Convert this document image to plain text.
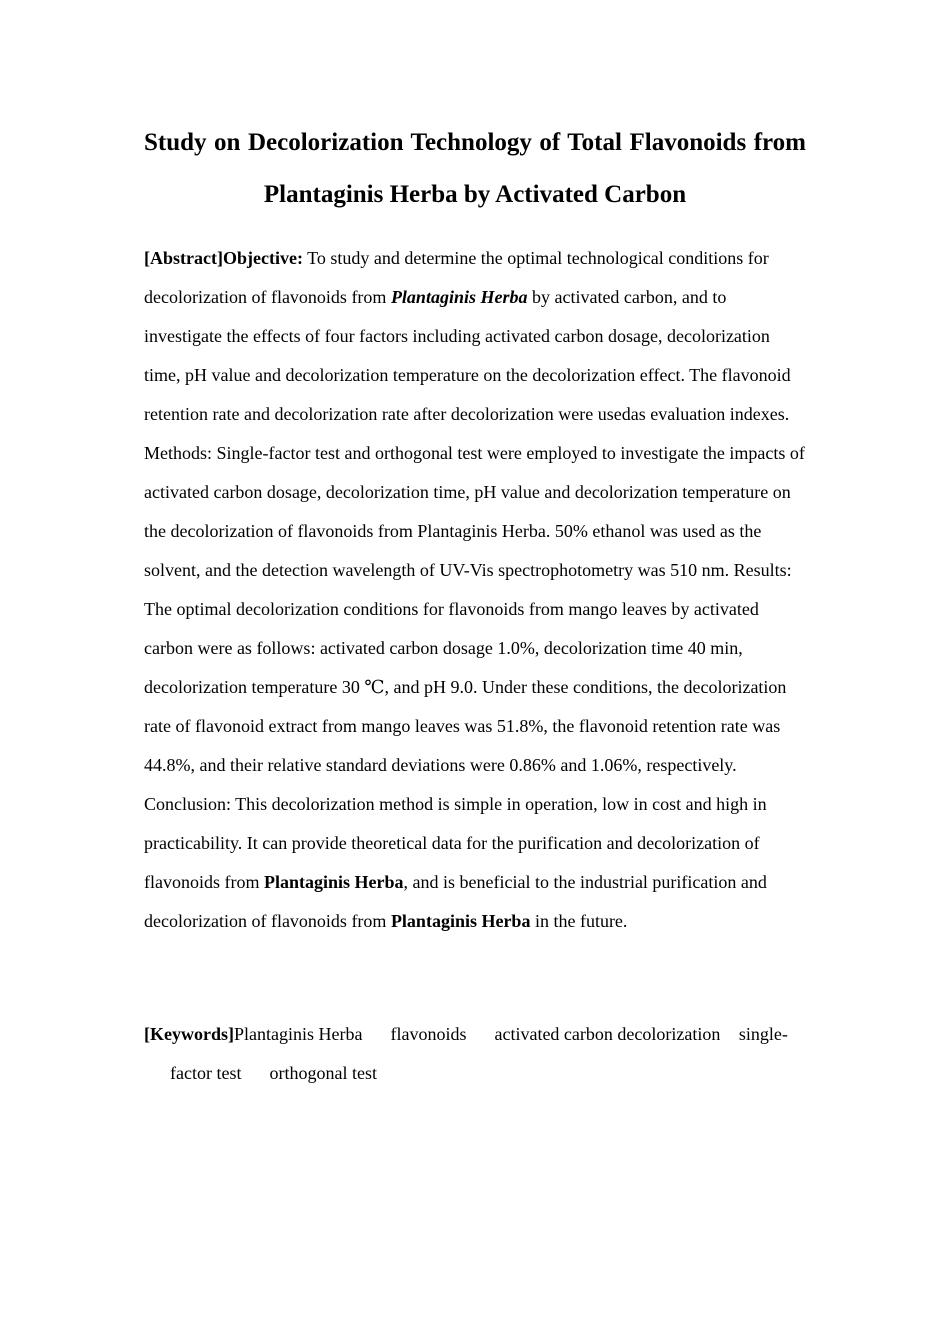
Study on Decolorization Technology of Total Flavonoids from
Plantaginis Herba by Activated Carbon

[Abstract]Objective: To study and determine the optimal technological conditions for decolorization of flavonoids from Plantaginis Herba by activated carbon, and to investigate the effects of four factors including activated carbon dosage, decolorization time, pH value and decolorization temperature on the decolorization effect. The flavonoid retention rate and decolorization rate after decolorization were usedas evaluation indexes. Methods: Single-factor test and orthogonal test were employed to investigate the impacts of activated carbon dosage, decolorization time, pH value and decolorization temperature on the decolorization of flavonoids from Plantaginis Herba. 50% ethanol was used as the solvent, and the detection wavelength of UV-Vis spectrophotometry was 510 nm. Results: The optimal decolorization conditions for flavonoids from mango leaves by activated carbon were as follows: activated carbon dosage 1.0%, decolorization time 40 min, decolorization temperature 30 ℃, and pH 9.0. Under these conditions, the decolorization rate of flavonoid extract from mango leaves was 51.8%, the flavonoid retention rate was 44.8%, and their relative standard deviations were 0.86% and 1.06%, respectively. Conclusion: This decolorization method is simple in operation, low in cost and high in practicability. It can provide theoretical data for the purification and decolorization of flavonoids from Plantaginis Herba, and is beneficial to the industrial purification and decolorization of flavonoids from Plantaginis Herba in the future.

[Keywords]Plantaginis Herba flavonoids activated carbon decolorization single-factor test orthogonal test
